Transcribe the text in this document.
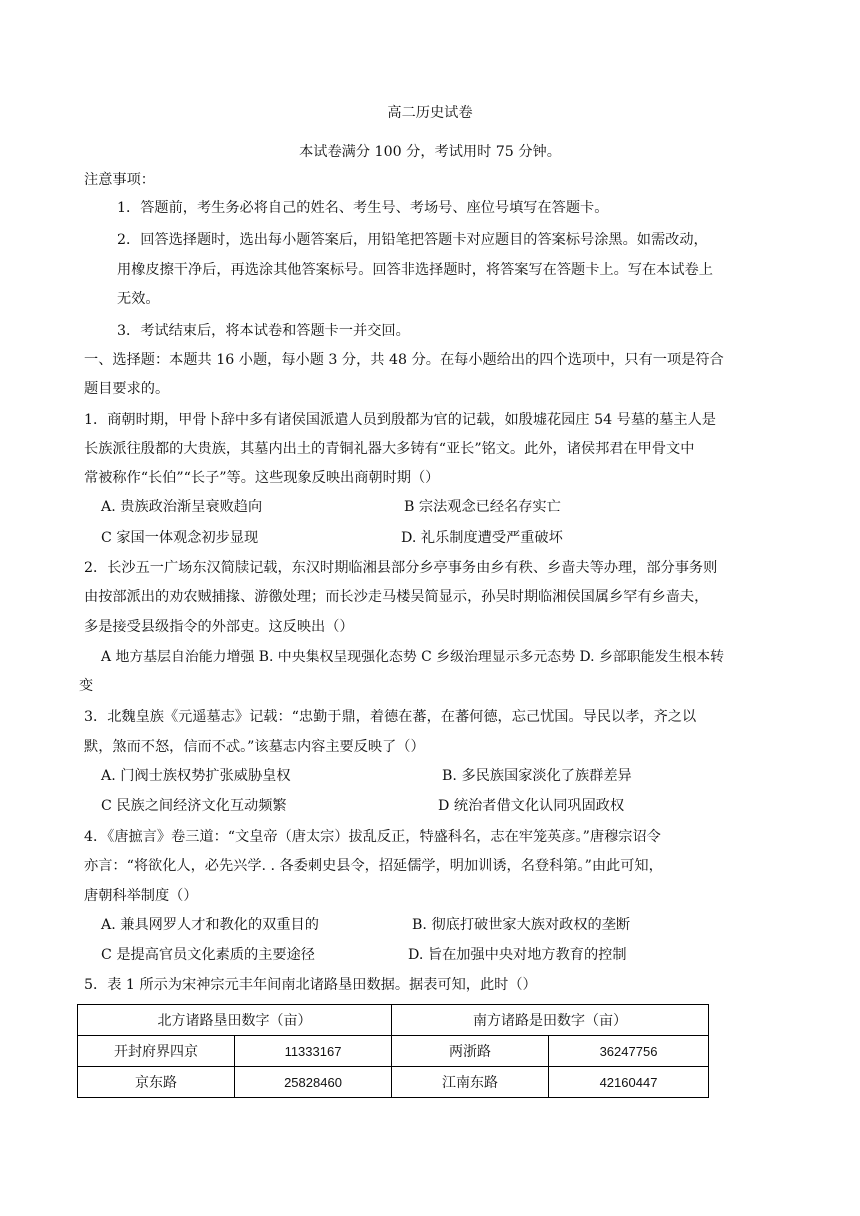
高二历史试卷
本试卷满分 100 分，考试用时 75 分钟。
注意事项：
1．答题前，考生务必将自己的姓名、考生号、考场号、座位号填写在答题卡。
2．回答选择题时，选出每小题答案后，用铅笔把答题卡对应题目的答案标号涂黑。如需改动，
用橡皮擦干净后，再选涂其他答案标号。回答非选择题时，将答案写在答题卡上。写在本试卷上
无效。
3．考试结束后，将本试卷和答题卡一并交回。
一、选择题：本题共 16 小题，每小题 3 分，共 48 分。在每小题给出的四个选项中，只有一项是符合
题目要求的。
1．商朝时期，甲骨卜辞中多有诸侯国派遣人员到殷都为官的记载，如殷墟花园庄 54 号墓的墓主人是
长族派往殷都的大贵族，其墓内出土的青铜礼器大多铸有“亚长”铭文。此外，诸侯邦君在甲骨文中
常被称作“长伯”“长子”等。这些现象反映出商朝时期（）
A. 贵族政治渐呈衰败趋向	B 宗法观念已经名存实亡
C 家国一体观念初步显现	D. 礼乐制度遭受严重破坏
2．长沙五一广场东汉简牍记载，东汉时期临湘县部分乡亭事务由乡有秩、乡啬夫等办理，部分事务则
由按部派出的劝农贼捕掾、游徼处理；而长沙走马楼吴简显示，孙吴时期临湘侯国属乡罕有乡啬夫，
多是接受县级指令的外部吏。这反映出（）
A 地方基层自治能力增强 B. 中央集权呈现强化态势 C 乡级治理显示多元态势 D. 乡部职能发生根本转
变
3．北魏皇族《元遥墓志》记载：“忠勤于鼎，着德在蕃，在蕃何德，忘己忧国。导民以孝，齐之以
默，煞而不怒，信而不忒。”该墓志内容主要反映了（）
A. 门阀士族权势扩张威胁皇权	B. 多民族国家淡化了族群差异
C 民族之间经济文化互动频繁	D 统治者借文化认同巩固政权
4．《唐摭言》卷三道：“文皇帝（唐太宗）拔乱反正，特盛科名，志在牢笼英彦。”唐穆宗诏令
亦言：“将欲化人，必先兴学. . 各委刺史县令，招延儒学，明加训诱，名登科第。”由此可知，
唐朝科举制度（）
A. 兼具网罗人才和教化的双重目的	B. 彻底打破世家大族对政权的垄断
C 是提高官员文化素质的主要途径	D. 旨在加强中央对地方教育的控制
5．表 1 所示为宋神宗元丰年间南北诸路垦田数据。据表可知，此时（）
北方诸路垦田数字（亩）		南方诸路是田数字（亩）	
开封府界四京	11333167	两浙路	36247756
京东路	25828460	江南东路	42160447
